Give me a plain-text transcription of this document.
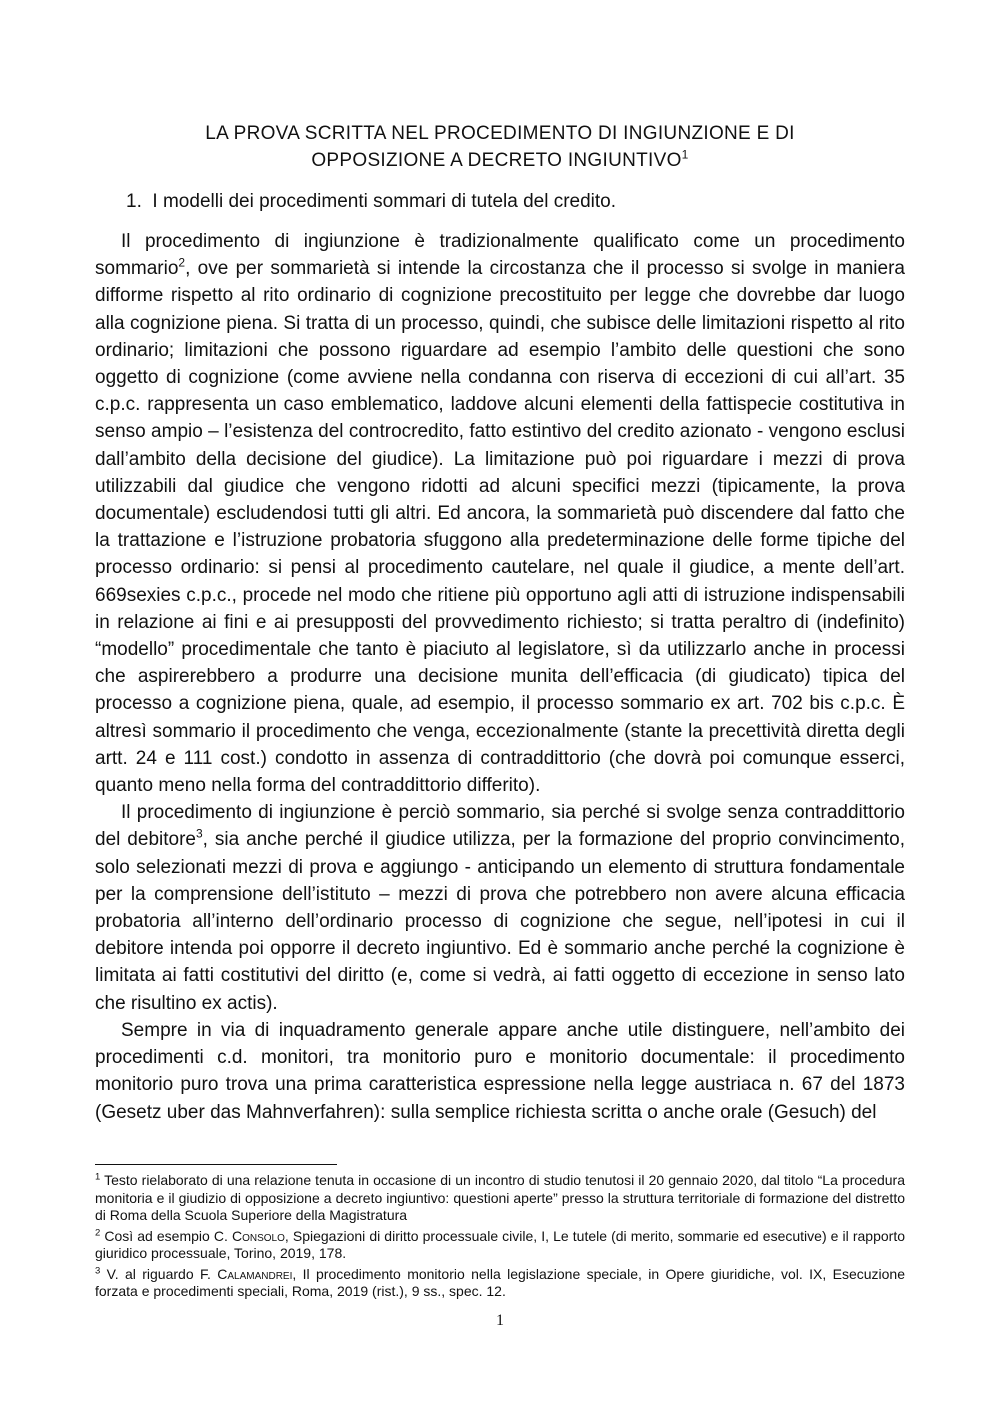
LA PROVA SCRITTA NEL PROCEDIMENTO DI INGIUNZIONE E DI
OPPOSIZIONE A DECRETO INGIUNTIVO$^1$
1. I modelli dei procedimenti sommari di tutela del credito.

Il procedimento di ingiunzione è tradizionalmente qualificato come un procedimento sommario$^2$, ove per sommarietà si intende la circostanza che il processo si svolge in maniera difforme rispetto al rito ordinario di cognizione precostituito per legge che dovrebbe dar luogo alla cognizione piena. Si tratta di un processo, quindi, che subisce delle limitazioni rispetto al rito ordinario; limitazioni che possono riguardare ad esempio l’ambito delle questioni che sono oggetto di cognizione (come avviene nella condanna con riserva di eccezioni di cui all’art. 35 c.p.c. rappresenta un caso emblematico, laddove alcuni elementi della fattispecie costitutiva in senso ampio – l’esistenza del controcredito, fatto estintivo del credito azionato - vengono esclusi dall’ambito della decisione del giudice). La limitazione può poi riguardare i mezzi di prova utilizzabili dal giudice che vengono ridotti ad alcuni specifici mezzi (tipicamente, la prova documentale) escludendosi tutti gli altri. Ed ancora, la sommarietà può discendere dal fatto che la trattazione e l’istruzione probatoria sfuggono alla predeterminazione delle forme tipiche del processo ordinario: si pensi al procedimento cautelare, nel quale il giudice, a mente dell’art. 669sexies c.p.c., procede nel modo che ritiene più opportuno agli atti di istruzione indispensabili in relazione ai fini e ai presupposti del provvedimento richiesto; si tratta peraltro di (indefinito) “modello” procedimentale che tanto è piaciuto al legislatore, sì da utilizzarlo anche in processi che aspirerebbero a produrre una decisione munita dell’efficacia (di giudicato) tipica del processo a cognizione piena, quale, ad esempio, il processo sommario ex art. 702 bis c.p.c. È altresì sommario il procedimento che venga, eccezionalmente (stante la precettività diretta degli artt. 24 e 111 cost.) condotto in assenza di contraddittorio (che dovrà poi comunque esserci, quanto meno nella forma del contraddittorio differito).

Il procedimento di ingiunzione è perciò sommario, sia perché si svolge senza contraddittorio del debitore$^3$, sia anche perché il giudice utilizza, per la formazione del proprio convincimento, solo selezionati mezzi di prova e aggiungo - anticipando un elemento di struttura fondamentale per la comprensione dell’istituto – mezzi di prova che potrebbero non avere alcuna efficacia probatoria all’interno dell’ordinario processo di cognizione che segue, nell’ipotesi in cui il debitore intenda poi opporre il decreto ingiuntivo. Ed è sommario anche perché la cognizione è limitata ai fatti costitutivi del diritto (e, come si vedrà, ai fatti oggetto di eccezione in senso lato che risultino ex actis).

Sempre in via di inquadramento generale appare anche utile distinguere, nell’ambito dei procedimenti c.d. monitori, tra monitorio puro e monitorio documentale: il procedimento monitorio puro trova una prima caratteristica espressione nella legge austriaca n. 67 del 1873 (Gesetz uber das Mahnverfahren): sulla semplice richiesta scritta o anche orale (Gesuch) del

$^1$ Testo rielaborato di una relazione tenuta in occasione di un incontro di studio tenutosi il 20 gennaio 2020, dal titolo “La procedura monitoria e il giudizio di opposizione a decreto ingiuntivo: questioni aperte” presso la struttura territoriale di formazione del distretto di Roma della Scuola Superiore della Magistratura

$^2$ Così ad esempio C. Consolo, Spiegazioni di diritto processuale civile, I, Le tutele (di merito, sommarie ed esecutive) e il rapporto giuridico processuale, Torino, 2019, 178.

$^3$ V. al riguardo F. Calamandrei, Il procedimento monitorio nella legislazione speciale, in Opere giuridiche, vol. IX, Esecuzione forzata e procedimenti speciali, Roma, 2019 (rist.), 9 ss., spec. 12.

1
